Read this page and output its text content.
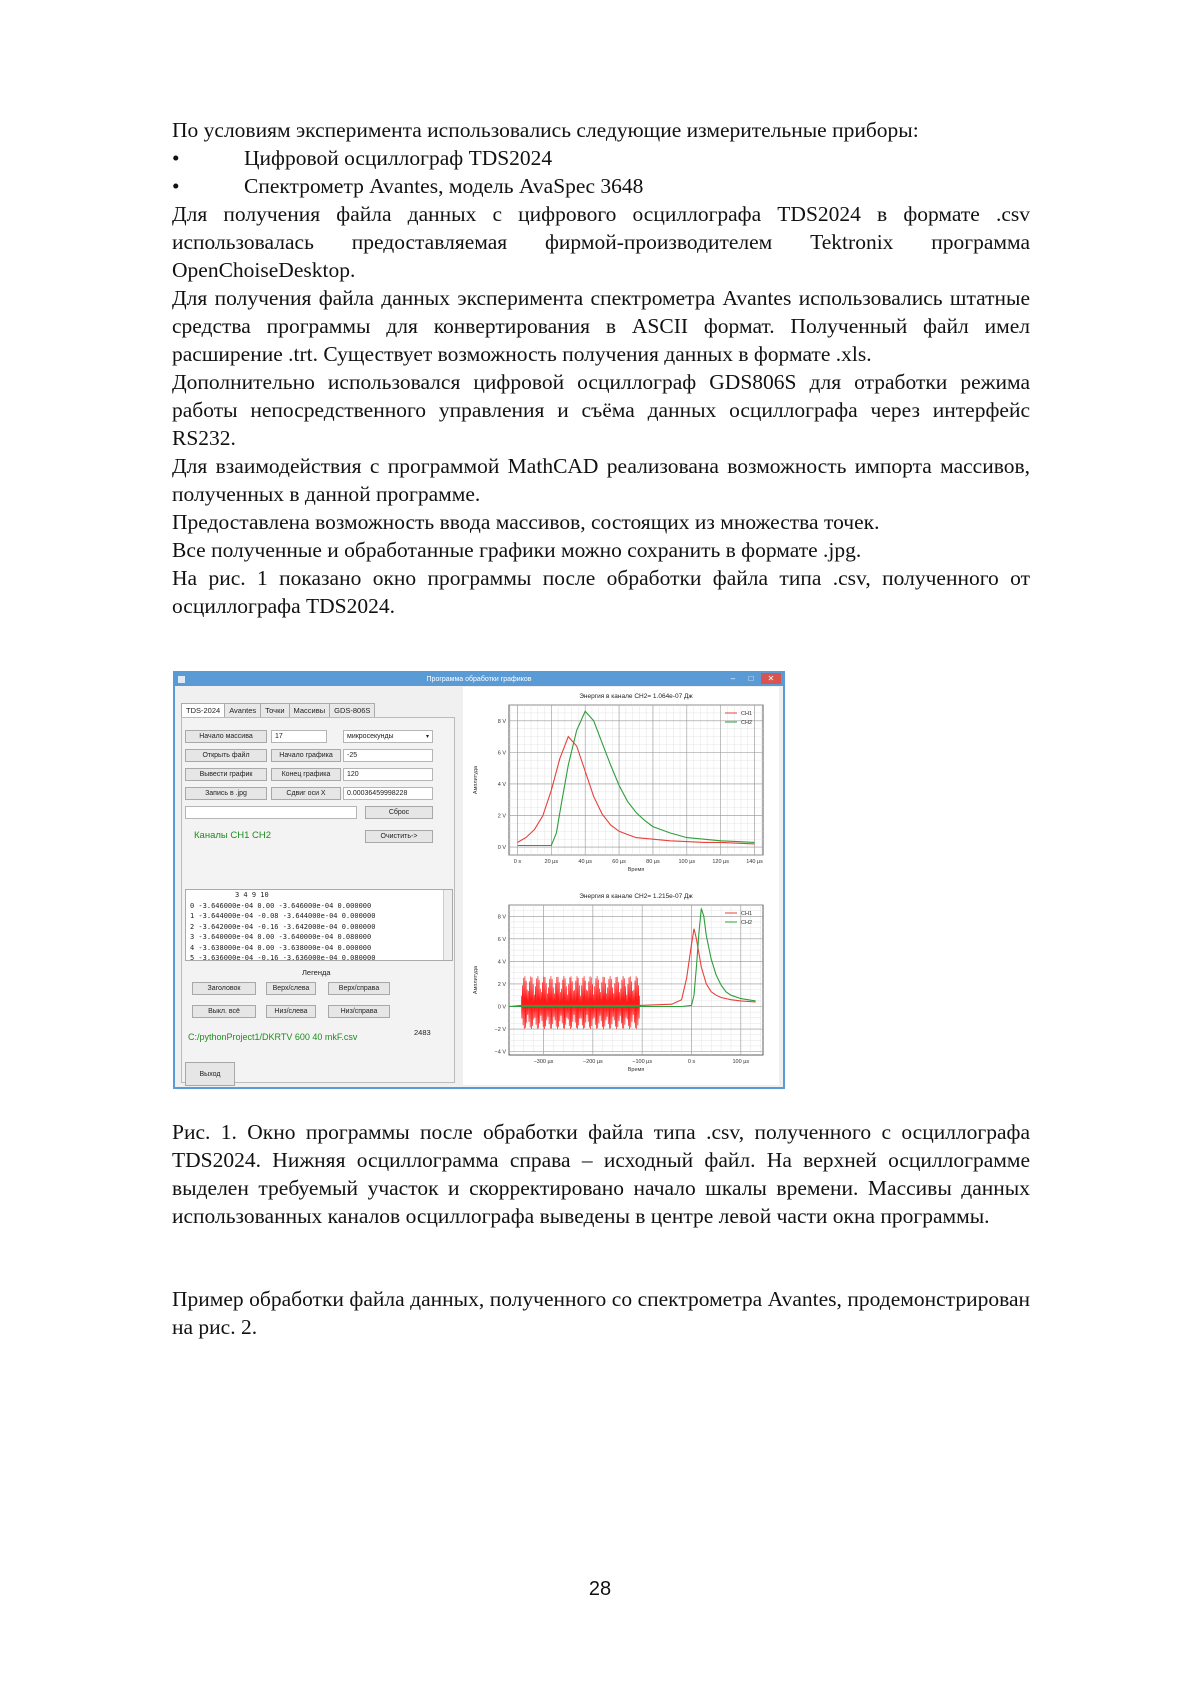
По условиям эксперимента использовались следующие измерительные приборы:

•	Цифровой осциллограф TDS2024

•	Спектрометр Avantes, модель AvaSpec 3648

Для получения файла данных с цифрового осциллографа TDS2024 в формате .csv использовалась предоставляемая фирмой-производителем Tektronix программа OpenChoiseDesktop.

Для получения файла данных эксперимента спектрометра Avantes использовались штатные средства программы для конвертирования в ASCII формат. Полученный файл имел расширение .trt. Существует возможность получения данных в формате .xls.

Дополнительно использовался цифровой осциллограф GDS806S для отработки режима работы непосредственного управления и съёма данных осциллографа через интерфейс RS232.

Для взаимодействия с программой MathCAD реализована возможность импорта массивов, полученных в данной программе.

Предоставлена возможность ввода массивов, состоящих из множества точек.

Все полученные и обработанные графики можно сохранить в формате .jpg.

На рис. 1 показано окно программы после обработки файла типа .csv, полученного от осциллографа TDS2024.

Программа обработки графиков	–	□	✕
TDS-2024	Avantes	Точки	Массивы	GDS-806S
Начало массива	17	микросекунды	▾
Открыть файл	Начало графика	-25
Вывести график	Конец графика	120
Запись в .jpg	Сдвиг оси X	0.00036459998228
Сброс
Каналы CH1 CH2	Очистить->
3 4 9 10
0 -3.646000e-04 0.00 -3.646000e-04 0.000000
1 -3.644000e-04 -0.08 -3.644000e-04 0.000000
2 -3.642000e-04 -0.16 -3.642000e-04 0.000000
3 -3.640000e-04 0.00 -3.640000e-04 0.080000
4 -3.638000e-04 0.00 -3.638000e-04 0.000000
5 -3.636000e-04 -0.16 -3.636000e-04 0.080000
Легенда
Заголовок	Верх/слева	Верх/справа
Выкл. всё	Низ/слева	Низ/справа
C:/pythonProject1/DKRTV 600 40 mkF.csv	2483
Выход
0 s	20 µs	40 µs	60 µs	80 µs	100 µs	120 µs	140 µs
0 V
2 V
4 V
6 V
8 V
Энергия в канале CH2= 1.064e-07 Дж
Время
Амплитуда
CH1
CH2
−300 µs	−200 µs	−100 µs	0 s	100 µs
−4 V
−2 V
0 V
2 V
4 V
6 V
8 V
Энергия в канале CH2= 1.215e-07 Дж
Время
Амплитуда
CH1
CH2

Рис. 1. Окно программы после обработки файла типа .csv, полученного с осциллографа TDS2024. Нижняя осциллограмма справа – исходный файл. На верхней осциллограмме выделен требуемый участок и скорректировано начало шкалы времени. Массивы данных использованных каналов осциллографа выведены в центре левой части окна программы.

Пример обработки файла данных, полученного со спектрометра Avantes, продемонстрирован на рис. 2.

28
